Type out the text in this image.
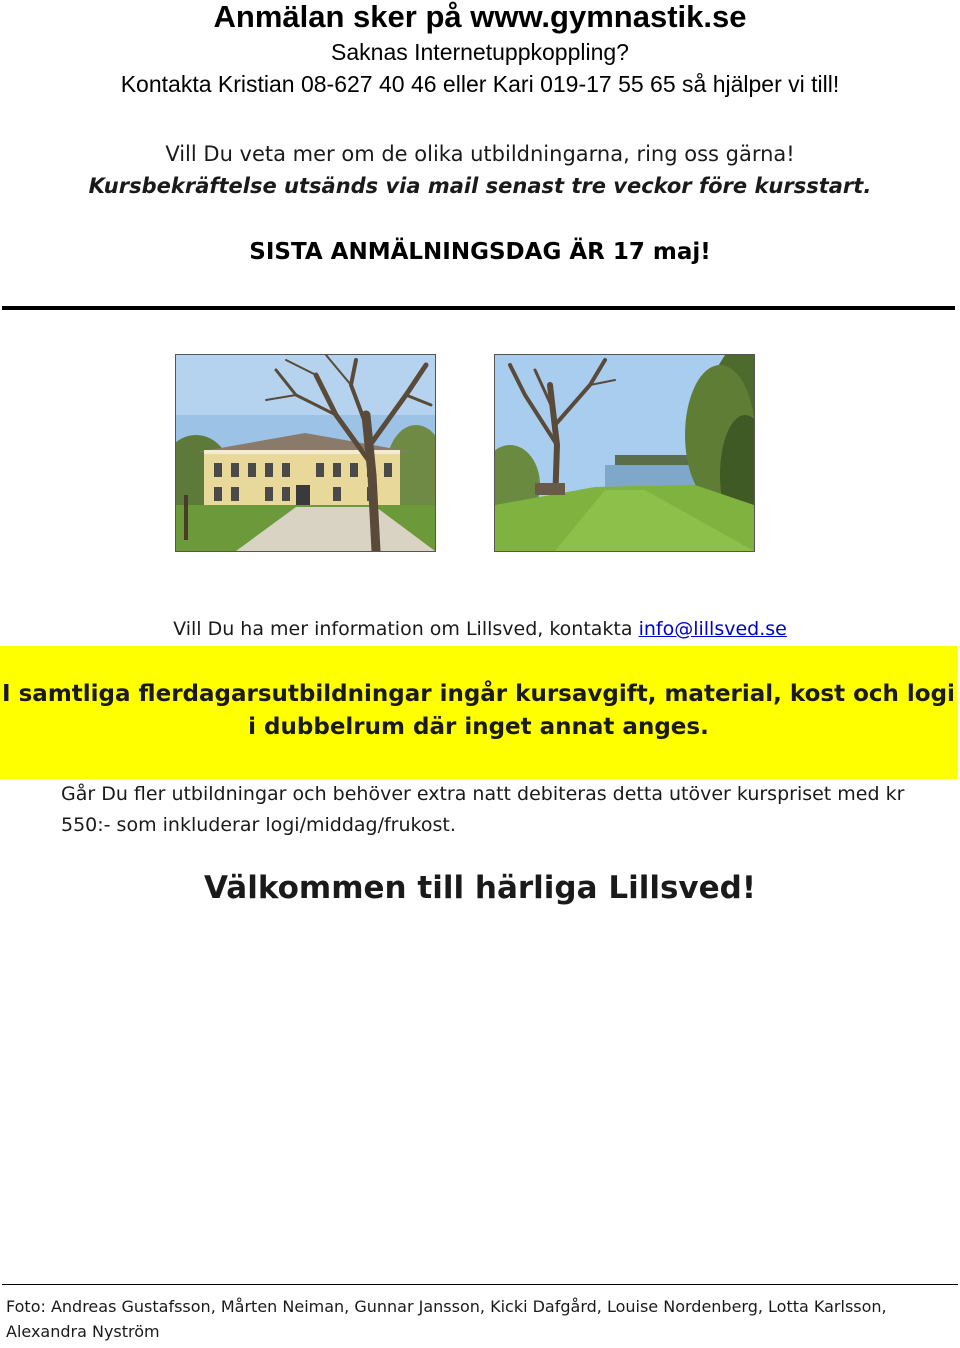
Anmälan sker på www.gymnastik.se
Saknas Internetuppkoppling?
Kontakta Kristian 08-627 40 46 eller Kari 019-17 55 65 så hjälper vi till!
Vill Du veta mer om de olika utbildningarna, ring oss gärna!
Kursbekräftelse utsänds via mail senast tre veckor före kursstart.
SISTA ANMÄLNINGSDAG ÄR 17 maj!
Vill Du ha mer information om Lillsved, kontakta info@lillsved.se
I samtliga flerdagarsutbildningar ingår kursavgift, material, kost och logi i dubbelrum där inget annat anges.
Går Du fler utbildningar och behöver extra natt debiteras detta utöver kurspriset med kr 550:- som inkluderar logi/middag/frukost.
Välkommen till härliga Lillsved!
Foto: Andreas Gustafsson, Mårten Neiman, Gunnar Jansson, Kicki Dafgård, Louise Nordenberg, Lotta Karlsson, Alexandra Nyström
